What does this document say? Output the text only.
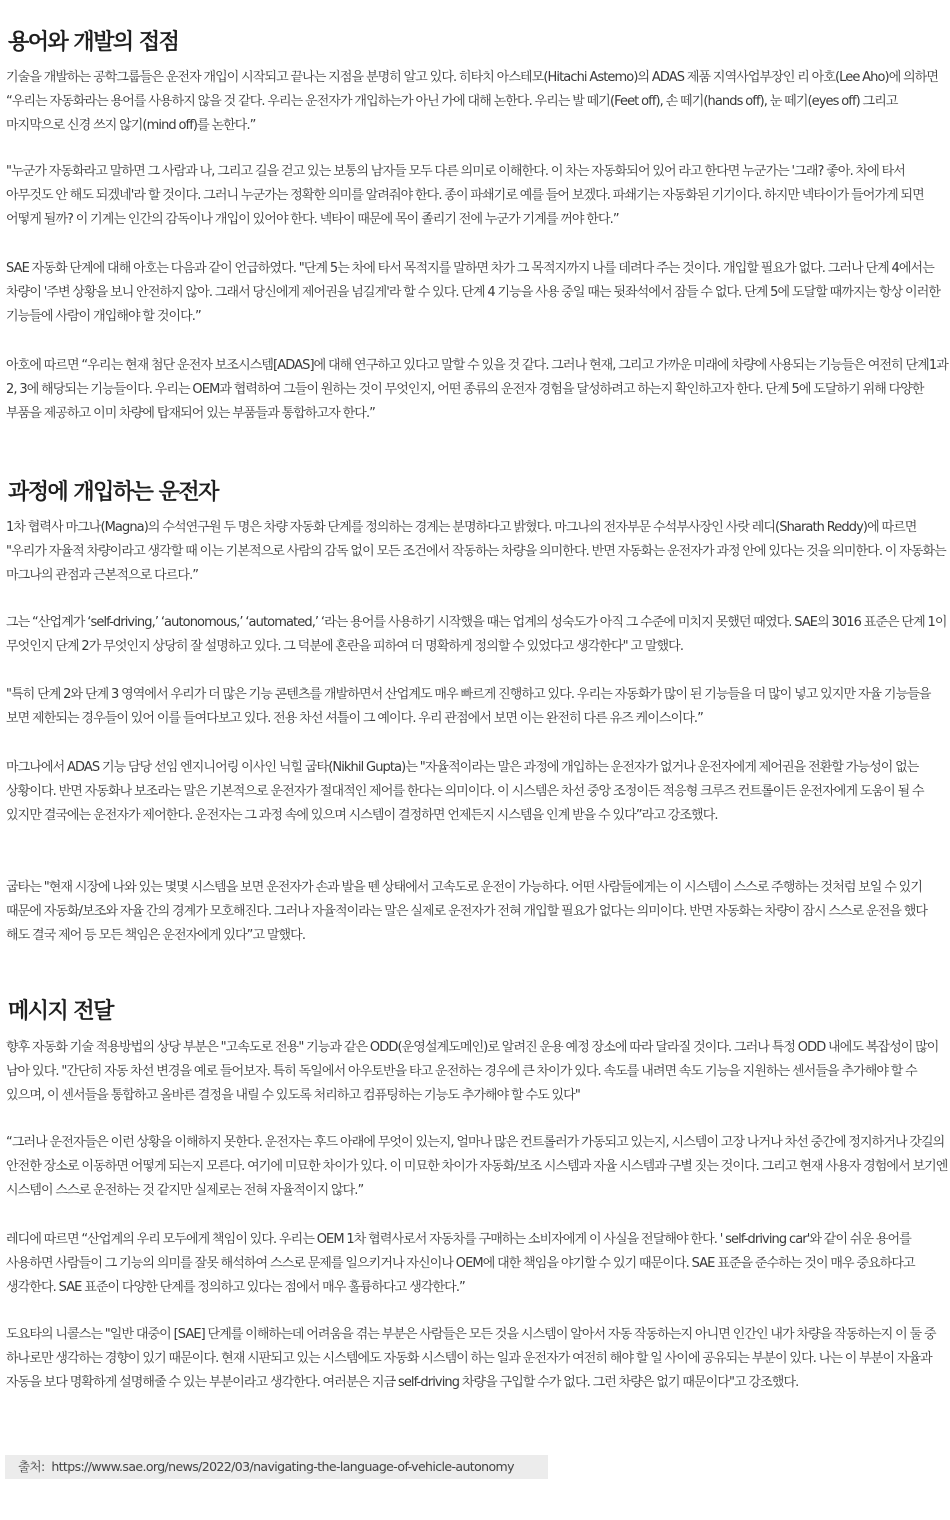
용어와 개발의 접점

기술을 개발하는 공학그룹들은 운전자 개입이 시작되고 끝나는 지점을 분명히 알고 있다. 히타치 아스테모(Hitachi Astemo)의 ADAS 제품 지역사업부장인 리 아호(Lee Aho)에 의하면 “우리는 자동화라는 용어를 사용하지 않을 것 같다. 우리는 운전자가 개입하는가 아닌 가에 대해 논한다. 우리는 발 떼기(Feet off), 손 떼기(hands off), 눈 떼기(eyes off) 그리고 마지막으로 신경 쓰지 않기(mind off)를 논한다.”

"누군가 자동화라고 말하면 그 사람과 나, 그리고 길을 걷고 있는 보통의 남자들 모두 다른 의미로 이해한다. 이 차는 자동화되어 있어 라고 한다면 누군가는 '그래? 좋아. 차에 타서 아무것도 안 해도 되겠네'라 할 것이다. 그러니 누군가는 정확한 의미를 알려줘야 한다. 종이 파쇄기로 예를 들어 보겠다. 파쇄기는 자동화된 기기이다. 하지만 넥타이가 들어가게 되면 어떻게 될까? 이 기계는 인간의 감독이나 개입이 있어야 한다. 넥타이 때문에 목이 졸리기 전에 누군가 기계를 꺼야 한다.”

SAE 자동화 단계에 대해 아호는 다음과 같이 언급하였다. "단계 5는 차에 타서 목적지를 말하면 차가 그 목적지까지 나를 데려다 주는 것이다. 개입할 필요가 없다. 그러나 단계 4에서는 차량이 '주변 상황을 보니 안전하지 않아. 그래서 당신에게 제어권을 넘길게'라 할 수 있다. 단계 4 기능을 사용 중일 때는 뒷좌석에서 잠들 수 없다. 단계 5에 도달할 때까지는 항상 이러한 기능들에 사람이 개입해야 할 것이다.”

아호에 따르면 “우리는 현재 첨단 운전자 보조시스템[ADAS]에 대해 연구하고 있다고 말할 수 있을 것 같다. 그러나 현재, 그리고 가까운 미래에 차량에 사용되는 기능들은 여전히 단계1과 2, 3에 해당되는 기능들이다. 우리는 OEM과 협력하여 그들이 원하는 것이 무엇인지, 어떤 종류의 운전자 경험을 달성하려고 하는지 확인하고자 한다. 단계 5에 도달하기 위해 다양한 부품을 제공하고 이미 차량에 탑재되어 있는 부품들과 통합하고자 한다.”

과정에 개입하는 운전자

1차 협력사 마그나(Magna)의 수석연구원 두 명은 차량 자동화 단계를 정의하는 경계는 분명하다고 밝혔다. 마그나의 전자부문 수석부사장인 사랏 레디(Sharath Reddy)에 따르면 "우리가 자율적 차량이라고 생각할 때 이는 기본적으로 사람의 감독 없이 모든 조건에서 작동하는 차량을 의미한다. 반면 자동화는 운전자가 과정 안에 있다는 것을 의미한다. 이 자동화는 마그나의 관점과 근본적으로 다르다.”

그는 “산업계가 ‘self-driving,’ ‘autonomous,’ ‘automated,’ ‘라는 용어를 사용하기 시작했을 때는 업계의 성숙도가 아직 그 수준에 미치지 못했던 때였다. SAE의 3016 표준은 단계 1이 무엇인지 단계 2가 무엇인지 상당히 잘 설명하고 있다. 그 덕분에 혼란을 피하여 더 명확하게 정의할 수 있었다고 생각한다" 고 말했다.

"특히 단계 2와 단계 3 영역에서 우리가 더 많은 기능 콘텐츠를 개발하면서 산업계도 매우 빠르게 진행하고 있다. 우리는 자동화가 많이 된 기능들을 더 많이 넣고 있지만 자율 기능들을 보면 제한되는 경우들이 있어 이를 들여다보고 있다. 전용 차선 셔틀이 그 예이다. 우리 관점에서 보면 이는 완전히 다른 유즈 케이스이다.”

마그나에서 ADAS 기능 담당 선임 엔지니어링 이사인 닉힐 굽타(Nikhil Gupta)는 "자율적이라는 말은 과정에 개입하는 운전자가 없거나 운전자에게 제어권을 전환할 가능성이 없는 상황이다. 반면 자동화나 보조라는 말은 기본적으로 운전자가 절대적인 제어를 한다는 의미이다. 이 시스템은 차선 중앙 조정이든 적응형 크루즈 컨트롤이든 운전자에게 도움이 될 수 있지만 결국에는 운전자가 제어한다. 운전자는 그 과정 속에 있으며 시스템이 결정하면 언제든지 시스템을 인계 받을 수 있다”라고 강조했다.

굽타는 "현재 시장에 나와 있는 몇몇 시스템을 보면 운전자가 손과 발을 뗀 상태에서 고속도로 운전이 가능하다. 어떤 사람들에게는 이 시스템이 스스로 주행하는 것처럼 보일 수 있기 때문에 자동화/보조와 자율 간의 경계가 모호해진다. 그러나 자율적이라는 말은 실제로 운전자가 전혀 개입할 필요가 없다는 의미이다. 반면 자동화는 차량이 잠시 스스로 운전을 했다 해도 결국 제어 등 모든 책임은 운전자에게 있다”고 말했다.

메시지 전달

향후 자동화 기술 적용방법의 상당 부분은 "고속도로 전용" 기능과 같은 ODD(운영설계도메인)로 알려진 운용 예정 장소에 따라 달라질 것이다. 그러나 특정 ODD 내에도 복잡성이 많이 남아 있다. "간단히 자동 차선 변경을 예로 들어보자. 특히 독일에서 아우토반을 타고 운전하는 경우에 큰 차이가 있다. 속도를 내려면 속도 기능을 지원하는 센서들을 추가해야 할 수 있으며, 이 센서들을 통합하고 올바른 결정을 내릴 수 있도록 처리하고 컴퓨팅하는 기능도 추가해야 할 수도 있다"

“그러나 운전자들은 이런 상황을 이해하지 못한다. 운전자는 후드 아래에 무엇이 있는지, 얼마나 많은 컨트롤러가 가동되고 있는지, 시스템이 고장 나거나 차선 중간에 정지하거나 갓길의 안전한 장소로 이동하면 어떻게 되는지 모른다. 여기에 미묘한 차이가 있다. 이 미묘한 차이가 자동화/보조 시스템과 자율 시스템과 구별 짓는 것이다. 그리고 현재 사용자 경험에서 보기엔 시스템이 스스로 운전하는 것 같지만 실제로는 전혀 자율적이지 않다.”

레디에 따르면 “산업계의 우리 모두에게 책임이 있다. 우리는 OEM 1차 협력사로서 자동차를 구매하는 소비자에게 이 사실을 전달해야 한다. ' self-driving car'와 같이 쉬운 용어를 사용하면 사람들이 그 기능의 의미를 잘못 해석하여 스스로 문제를 일으키거나 자신이나 OEM에 대한 책임을 야기할 수 있기 때문이다. SAE 표준을 준수하는 것이 매우 중요하다고 생각한다. SAE 표준이 다양한 단계를 정의하고 있다는 점에서 매우 훌륭하다고 생각한다.”

도요타의 니콜스는 "일반 대중이 [SAE] 단계를 이해하는데 어려움을 겪는 부분은 사람들은 모든 것을 시스템이 알아서 자동 작동하는지 아니면 인간인 내가 차량을 작동하는지 이 둘 중 하나로만 생각하는 경향이 있기 때문이다. 현재 시판되고 있는 시스템에도 자동화 시스템이 하는 일과 운전자가 여전히 해야 할 일 사이에 공유되는 부분이 있다. 나는 이 부분이 자율과 자동을 보다 명확하게 설명해줄 수 있는 부분이라고 생각한다. 여러분은 지금 self-driving 차량을 구입할 수가 없다. 그런 차량은 없기 때문이다"고 강조했다.

출처: https://www.sae.org/news/2022/03/navigating-the-language-of-vehicle-autonomy
